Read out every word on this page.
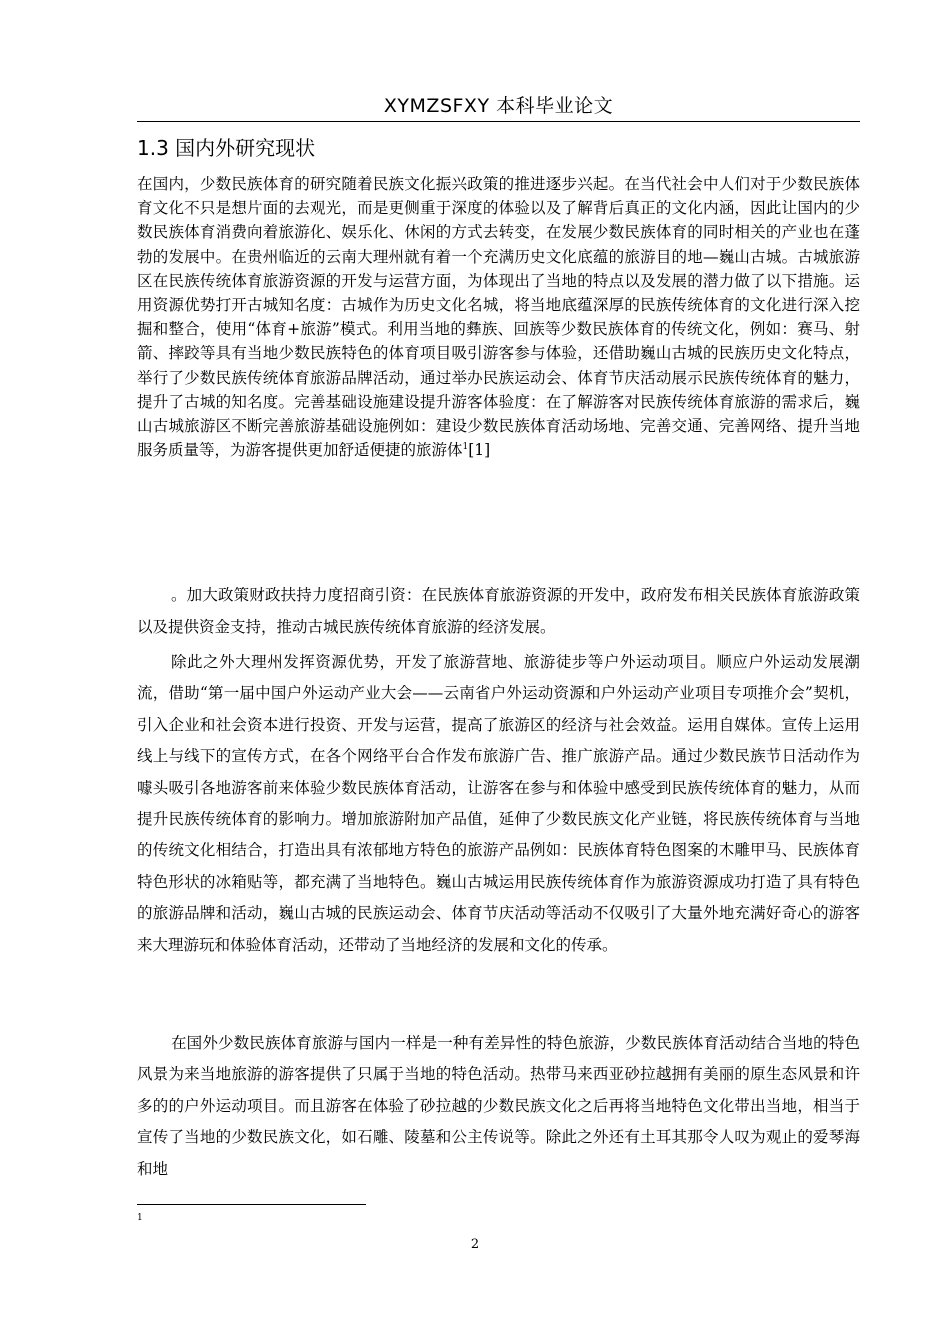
XYMZSFXY 本科毕业论文
1.3 国内外研究现状

在国内，少数民族体育的研究随着民族文化振兴政策的推进逐步兴起。在当代社会中人们对于少数民族体育文化不只是想片面的去观光，而是更侧重于深度的体验以及了解背后真正的文化内涵，因此让国内的少数民族体育消费向着旅游化、娱乐化、休闲的方式去转变，在发展少数民族体育的同时相关的产业也在蓬勃的发展中。在贵州临近的云南大理州就有着一个充满历史文化底蕴的旅游目的地—巍山古城。古城旅游区在民族传统体育旅游资源的开发与运营方面，为体现出了当地的特点以及发展的潜力做了以下措施。运用资源优势打开古城知名度：古城作为历史文化名城，将当地底蕴深厚的民族传统体育的文化进行深入挖掘和整合，使用“体育+旅游”模式。利用当地的彝族、回族等少数民族体育的传统文化，例如：赛马、射箭、摔跤等具有当地少数民族特色的体育项目吸引游客参与体验，还借助巍山古城的民族历史文化特点，举行了少数民族传统体育旅游品牌活动，通过举办民族运动会、体育节庆活动展示民族传统体育的魅力，提升了古城的知名度。完善基础设施建设提升游客体验度：在了解游客对民族传统体育旅游的需求后，巍山古城旅游区不断完善旅游基础设施例如：建设少数民族体育活动场地、完善交通、完善网络、提升当地服务质量等，为游客提供更加舒适便捷的旅游体$^1$[1]

。加大政策财政扶持力度招商引资：在民族体育旅游资源的开发中，政府发布相关民族体育旅游政策以及提供资金支持，推动古城民族传统体育旅游的经济发展。

除此之外大理州发挥资源优势，开发了旅游营地、旅游徒步等户外运动项目。顺应户外运动发展潮流，借助“第一届中国户外运动产业大会——云南省户外运动资源和户外运动产业项目专项推介会”契机，引入企业和社会资本进行投资、开发与运营，提高了旅游区的经济与社会效益。运用自媒体。宣传上运用线上与线下的宣传方式，在各个网络平台合作发布旅游广告、推广旅游产品。通过少数民族节日活动作为噱头吸引各地游客前来体验少数民族体育活动，让游客在参与和体验中感受到民族传统体育的魅力，从而提升民族传统体育的影响力。增加旅游附加产品值，延伸了少数民族文化产业链，将民族传统体育与当地的传统文化相结合，打造出具有浓郁地方特色的旅游产品例如：民族体育特色图案的木雕甲马、民族体育特色形状的冰箱贴等，都充满了当地特色。巍山古城运用民族传统体育作为旅游资源成功打造了具有特色的旅游品牌和活动，巍山古城的民族运动会、体育节庆活动等活动不仅吸引了大量外地充满好奇心的游客来大理游玩和体验体育活动，还带动了当地经济的发展和文化的传承。

在国外少数民族体育旅游与国内一样是一种有差异性的特色旅游，少数民族体育活动结合当地的特色风景为来当地旅游的游客提供了只属于当地的特色活动。热带马来西亚砂拉越拥有美丽的原生态风景和许多的的户外运动项目。而且游客在体验了砂拉越的少数民族文化之后再将当地特色文化带出当地，相当于宣传了当地的少数民族文化，如石雕、陵墓和公主传说等。除此之外还有土耳其那令人叹为观止的爱琴海和地

1
2
